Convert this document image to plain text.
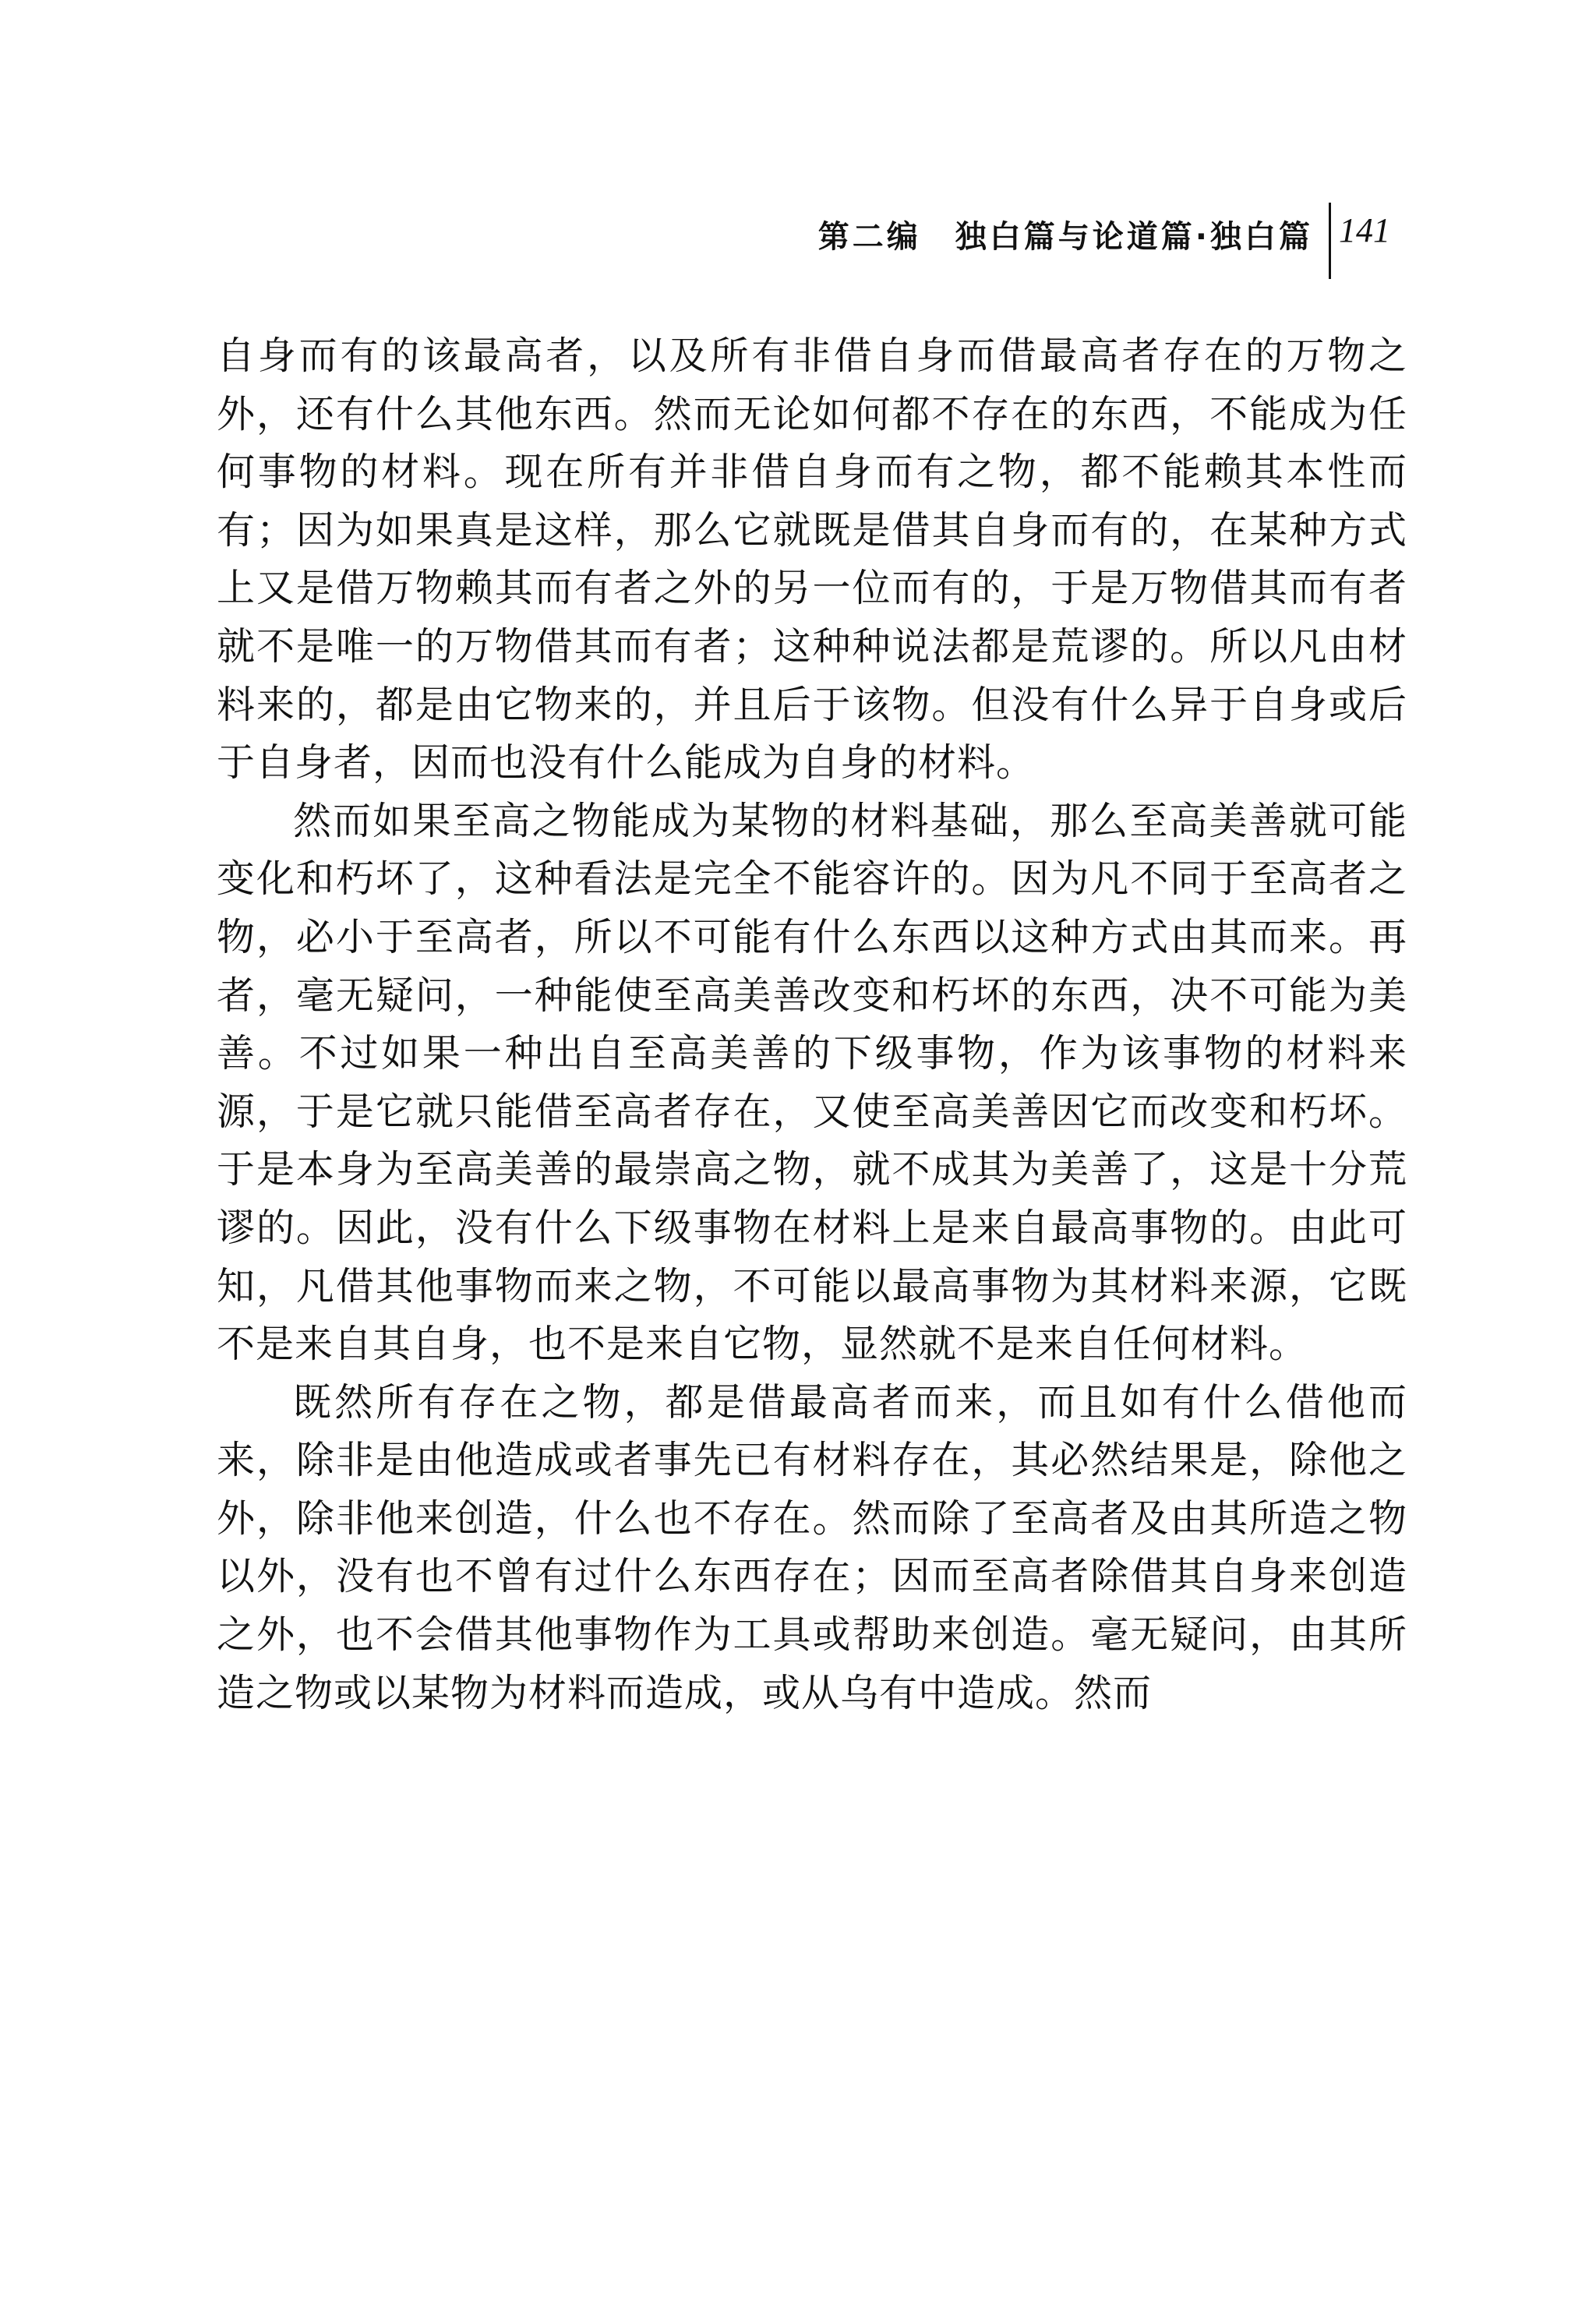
第二编　独白篇与论道篇·独白篇 141

自身而有的该最高者，以及所有非借自身而借最高者存在的万物之外，还有什么其他东西。然而无论如何都不存在的东西，不能成为任何事物的材料。现在所有并非借自身而有之物，都不能赖其本性而有；因为如果真是这样，那么它就既是借其自身而有的，在某种方式上又是借万物赖其而有者之外的另一位而有的，于是万物借其而有者就不是唯一的万物借其而有者；这种种说法都是荒谬的。所以凡由材料来的，都是由它物来的，并且后于该物。但没有什么异于自身或后于自身者，因而也没有什么能成为自身的材料。

然而如果至高之物能成为某物的材料基础，那么至高美善就可能变化和朽坏了，这种看法是完全不能容许的。因为凡不同于至高者之物，必小于至高者，所以不可能有什么东西以这种方式由其而来。再者，毫无疑问，一种能使至高美善改变和朽坏的东西，决不可能为美善。不过如果一种出自至高美善的下级事物，作为该事物的材料来源，于是它就只能借至高者存在，又使至高美善因它而改变和朽坏。于是本身为至高美善的最崇高之物，就不成其为美善了，这是十分荒谬的。因此，没有什么下级事物在材料上是来自最高事物的。由此可知，凡借其他事物而来之物，不可能以最高事物为其材料来源，它既不是来自其自身，也不是来自它物，显然就不是来自任何材料。

既然所有存在之物，都是借最高者而来，而且如有什么借他而来，除非是由他造成或者事先已有材料存在，其必然结果是，除他之外，除非他来创造，什么也不存在。然而除了至高者及由其所造之物以外，没有也不曾有过什么东西存在；因而至高者除借其自身来创造之外，也不会借其他事物作为工具或帮助来创造。毫无疑问，由其所造之物或以某物为材料而造成，或从乌有中造成。然而
